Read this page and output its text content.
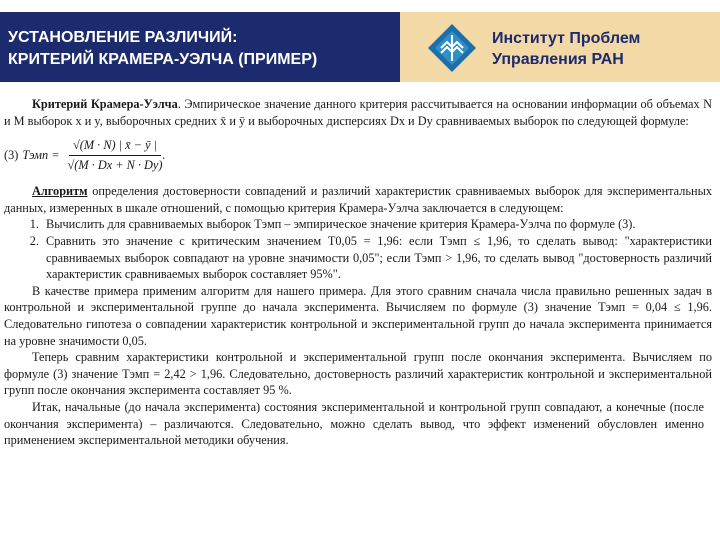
УСТАНОВЛЕНИЕ РАЗЛИЧИЙ:
КРИТЕРИЙ КРАМЕРА-УЭЛЧА (ПРИМЕР)
Институт Проблем
Управления РАН

Критерий Крамера-Уэлча. Эмпирическое значение данного критерия рассчитывается на основании информации об объемах N и M выборок x и y, выборочных средних x̄ и ȳ и выборочных дисперсиях Dx и Dy сравниваемых выборок по следующей формуле:

(3) Tэмп = $\frac{√(M \cdot N) | x̄ - ȳ |}{√(M \cdot Dx + N \cdot Dy)}$ .

Алгоритм определения достоверности совпадений и различий характеристик сравниваемых выборок для экспериментальных данных, измеренных в шкале отношений, с помощью критерия Крамера-Уэлча заключается в следующем:

1. Вычислить для сравниваемых выборок Tэмп – эмпирическое значение критерия Крамера-Уэлча по формуле (3).
2. Сравнить это значение с критическим значением T0,05 = 1,96: если Tэмп ≤ 1,96, то сделать вывод: "характеристики сравниваемых выборок совпадают на уровне значимости 0,05"; если Tэмп > 1,96, то сделать вывод "достоверность различий характеристик сравниваемых выборок составляет 95%".

В качестве примера применим алгоритм для нашего примера. Для этого сравним сначала числа правильно решенных задач в контрольной и экспериментальной группе до начала эксперимента. Вычисляем по формуле (3) значение Tэмп = 0,04 ≤ 1,96. Следовательно гипотеза о совпадении характеристик контрольной и экспериментальной групп до начала эксперимента принимается на уровне значимости 0,05.

Теперь сравним характеристики контрольной и экспериментальной групп после окончания эксперимента. Вычисляем по формуле (3) значение Tэмп = 2,42 > 1,96. Следовательно, достоверность различий характеристик контрольной и экспериментальной групп после окончания эксперимента составляет 95 %.

Итак, начальные (до начала эксперимента) состояния экспериментальной и контрольной групп совпадают, а конечные (после окончания эксперимента) – различаются. Следовательно, можно сделать вывод, что эффект изменений обусловлен именно применением экспериментальной методики обучения.
